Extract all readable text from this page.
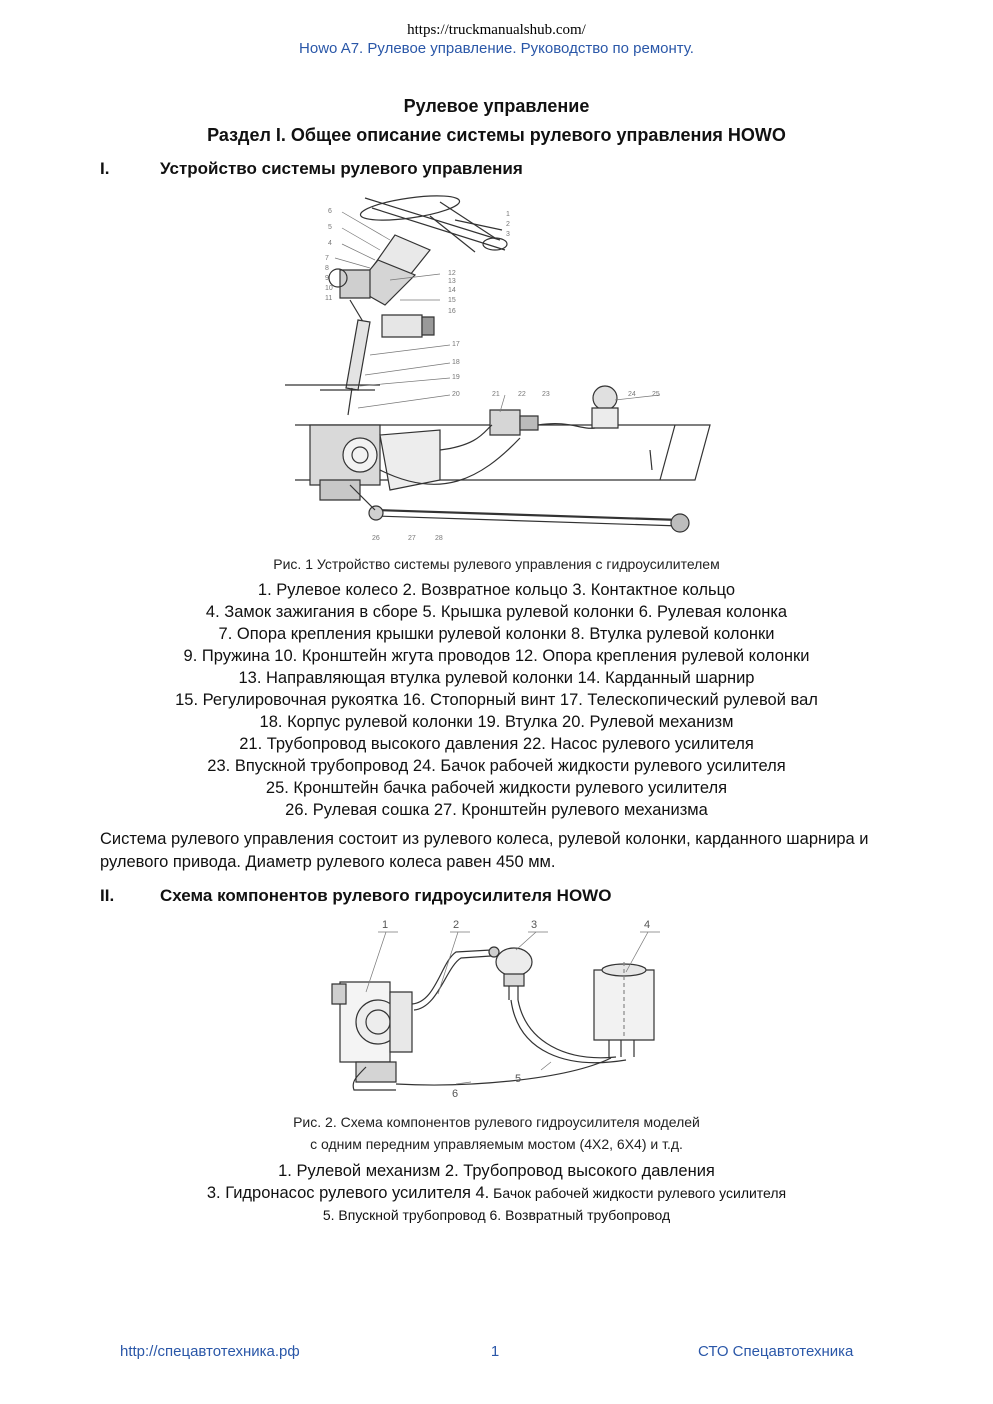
https://truckmanualshub.com/
Howo A7. Рулевое управление. Руководство по ремонту.
Рулевое управление
Раздел I. Общее описание системы рулевого управления HOWO
I.	Устройство системы рулевого управления
6
5
4
7
8
9
10
11
12
13
14
15
16
17
18
19
20	21	22 23	24 25
26	27	28
1
2
3
Рис. 1 Устройство системы рулевого управления с гидроусилителем
1. Рулевое колесо 2. Возвратное кольцо 3. Контактное кольцо
4. Замок зажигания в сборе 5. Крышка рулевой колонки 6. Рулевая колонка
7. Опора крепления крышки рулевой колонки 8. Втулка рулевой колонки
9. Пружина 10. Кронштейн жгута проводов 12. Опора крепления рулевой колонки
13. Направляющая втулка рулевой колонки 14. Карданный шарнир
15. Регулировочная рукоятка 16. Стопорный винт 17. Телескопический рулевой вал
18. Корпус рулевой колонки 19. Втулка 20. Рулевой механизм
21. Трубопровод высокого давления 22. Насос рулевого усилителя
23. Впускной трубопровод 24. Бачок рабочей жидкости рулевого усилителя
25. Кронштейн бачка рабочей жидкости рулевого усилителя
26. Рулевая сошка 27. Кронштейн рулевого механизма
Система рулевого управления состоит из рулевого колеса, рулевой колонки, карданного шарнира и рулевого привода. Диаметр рулевого колеса равен 450 мм.
II.	Схема компонентов рулевого гидроусилителя HOWO
1	2	3	4
5
6
Рис. 2. Схема компонентов рулевого гидроусилителя моделей
с одним передним управляемым мостом (4Х2, 6Х4) и т.д.
1. Рулевой механизм 2. Трубопровод высокого давления
3. Гидронасос рулевого усилителя 4. Бачок рабочей жидкости рулевого усилителя
5. Впускной трубопровод 6. Возвратный трубопровод
http://спецавтотехника.рф	1	СТО Спецавтотехника
